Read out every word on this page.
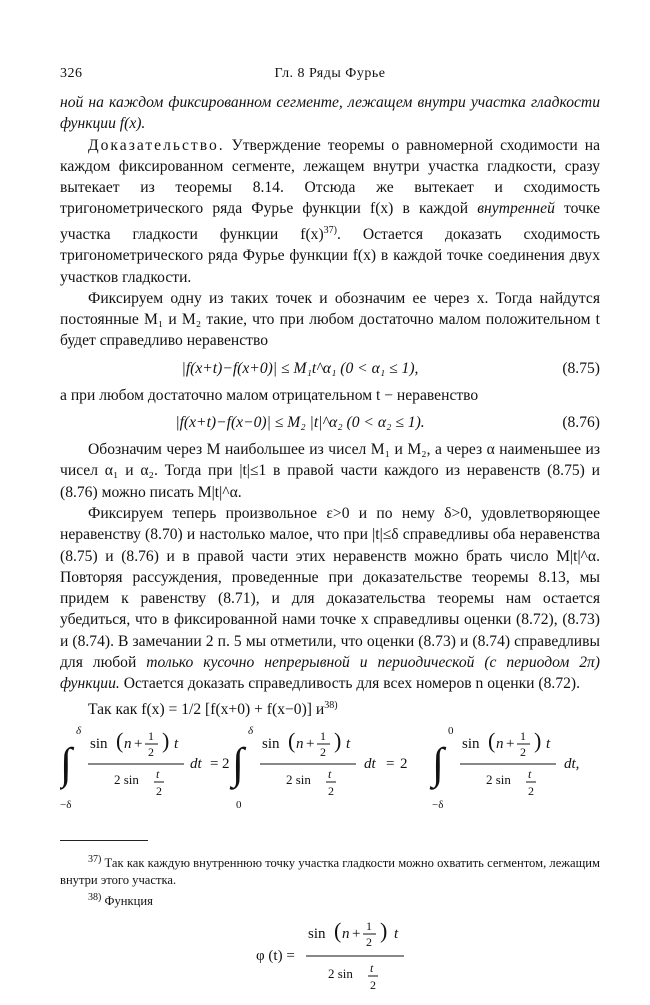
326	Гл. 8 Ряды Фурье

ной на каждом фиксированном сегменте, лежащем внутри участка гладкости функции f(x).

Доказательство. Утверждение теоремы о равномерной сходимости на каждом фиксированном сегменте, лежащем внутри участка гладкости, сразу вытекает из теоремы 8.14. Отсюда же вытекает и сходимость тригонометрического ряда Фурье функции f(x) в каждой внутренней точке участка гладкости функции $f(x)^{37)}$. Остается доказать сходимость тригонометрического ряда Фурье функции f(x) в каждой точке соединения двух участков гладкости.

Фиксируем одну из таких точек и обозначим ее через x. Тогда найдутся постоянные M₁ и M₂ такие, что при любом достаточно малом положительном t будет справедливо неравенство

|f(x+t)−f(x+0)| ≤ M₁t^α₁ (0 < α₁ ≤ 1),	(8.75)

а при любом достаточно малом отрицательном t − неравенство

|f(x+t)−f(x−0)| ≤ M₂ |t|^α₂ (0 < α₂ ≤ 1).	(8.76)

Обозначим через M наибольшее из чисел M₁ и M₂, а через α наименьшее из чисел α₁ и α₂. Тогда при |t|≤1 в правой части каждого из неравенств (8.75) и (8.76) можно писать M|t|^α.

Фиксируем теперь произвольное ε>0 и по нему δ>0, удовлетворяющее неравенству (8.70) и настолько малое, что при |t|≤δ справедливы оба неравенства (8.75) и (8.76) и в правой части этих неравенств можно брать число M|t|^α. Повторяя рассуждения, проведенные при доказательстве теоремы 8.13, мы придем к равенству (8.71), и для доказательства теоремы нам остается убедиться, что в фиксированной нами точке x справедливы оценки (8.72), (8.73) и (8.74). В замечании 2 п. 5 мы отметили, что оценки (8.73) и (8.74) справедливы для любой только кусочно непрерывной и периодической (с периодом 2π) функции. Остается доказать справедливость для всех номеров n оценки (8.72).

Так как f(x) = 1/2 [f(x+0) + f(x−0)] $и^{38)}$

∫
δ
−δ
sin ( n + 1
2 ) t
2 sin t
2
dt = 2 ∫
δ
0
sin ( n + 1
2 ) t
2 sin t
2
dt = 2 ∫
0
−δ
sin ( n + 1
2 ) t
2 sin t
2
dt,

$^{37)}$ Так как каждую внутреннюю точку участка гладкости можно охватить сегментом, лежащим внутри этого участка.

$^{38)}$ Функция

φ (t) =
sin ( n + 1
2 ) t
2 sin t
2
